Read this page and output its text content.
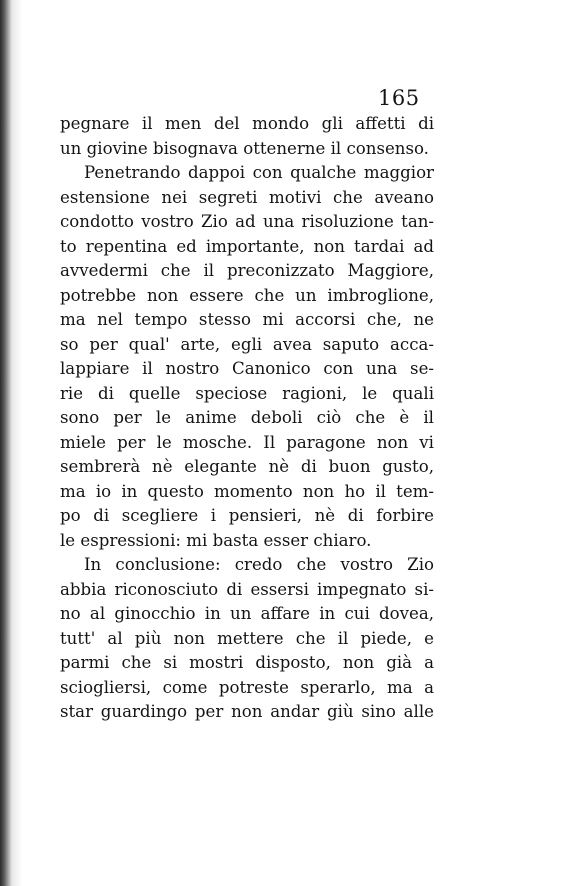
165
pegnare il men del mondo gli affetti di
un giovine bisognava ottenerne il consenso.
Penetrando dappoi con qualche maggior
estensione nei segreti motivi che aveano
condotto vostro Zio ad una risoluzione tan-
to repentina ed importante, non tardai ad
avvedermi che il preconizzato Maggiore,
potrebbe non essere che un imbroglione,
ma nel tempo stesso mi accorsi che, ne
so per qual' arte, egli avea saputo acca-
lappiare il nostro Canonico con una se-
rie di quelle speciose ragioni, le quali
sono per le anime deboli ciò che è il
miele per le mosche. Il paragone non vi
sembrerà nè elegante nè di buon gusto,
ma io in questo momento non ho il tem-
po di scegliere i pensieri, nè di forbire
le espressioni: mi basta esser chiaro.
In conclusione: credo che vostro Zio
abbia riconosciuto di essersi impegnato si-
no al ginocchio in un affare in cui dovea,
tutt' al più non mettere che il piede, e
parmi che si mostri disposto, non già a
sciogliersi, come potreste sperarlo, ma a
star guardingo per non andar giù sino alle
